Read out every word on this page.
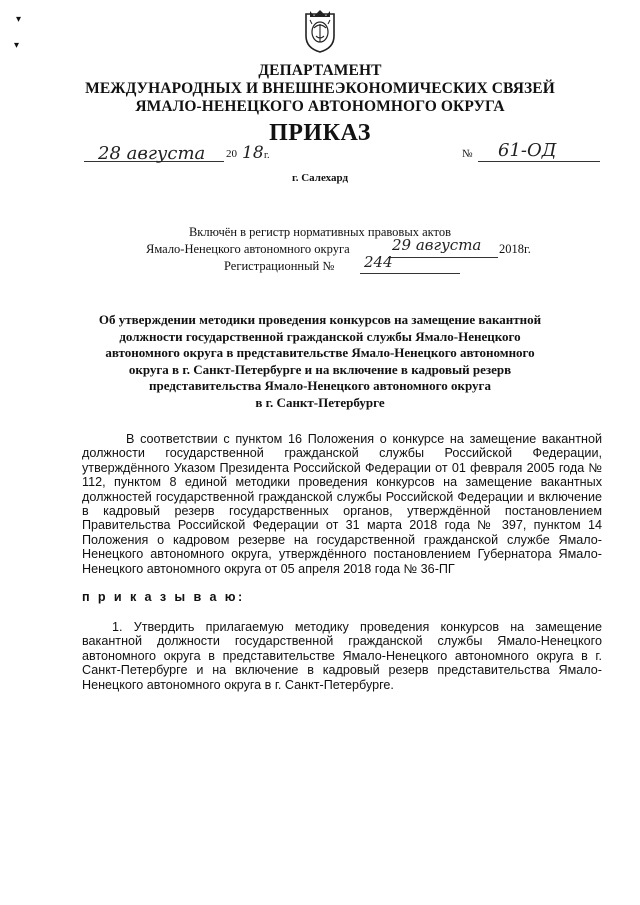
▾
▾
ДЕПАРТАМЕНТ
МЕЖДУНАРОДНЫХ И ВНЕШНЕЭКОНОМИЧЕСКИХ СВЯЗЕЙ
ЯМАЛО-НЕНЕЦКОГО АВТОНОМНОГО ОКРУГА
ПРИКАЗ
28 августа 20 18 г.	№ 61-ОД
г. Салехард
Включён в регистр нормативных правовых актов
Ямало-Ненецкого автономного округа	29 августа 2018г.
Регистрационный № 244
Об утверждении методики проведения конкурсов на замещение вакантной
должности государственной гражданской службы Ямало-Ненецкого
автономного округа в представительстве Ямало-Ненецкого автономного
округа в г. Санкт-Петербурге и на включение в кадровый резерв
представительства Ямало-Ненецкого автономного округа
в г. Санкт-Петербурге
В соответствии с пунктом 16 Положения о конкурсе на замещение вакантной должности государственной гражданской службы Российской Федерации, утверждённого Указом Президента Российской Федерации от 01 февраля 2005 года № 112, пунктом 8 единой методики проведения конкурсов на замещение вакантных должностей государственной гражданской службы Российской Федерации и включение в кадровый резерв государственных органов, утверждённой постановлением Правительства Российской Федерации от 31 марта 2018 года № 397, пунктом 14 Положения о кадровом резерве на государственной гражданской службе Ямало-Ненецкого автономного округа, утверждённого постановлением Губернатора Ямало-Ненецкого автономного округа от 05 апреля 2018 года № 36-ПГ
п р и к а з ы в а ю:
1. Утвердить прилагаемую методику проведения конкурсов на замещение вакантной должности государственной гражданской службы Ямало-Ненецкого автономного округа в представительстве Ямало-Ненецкого автономного округа в г. Санкт-Петербурге и на включение в кадровый резерв представительства Ямало-Ненецкого автономного округа в г. Санкт-Петербурге.
